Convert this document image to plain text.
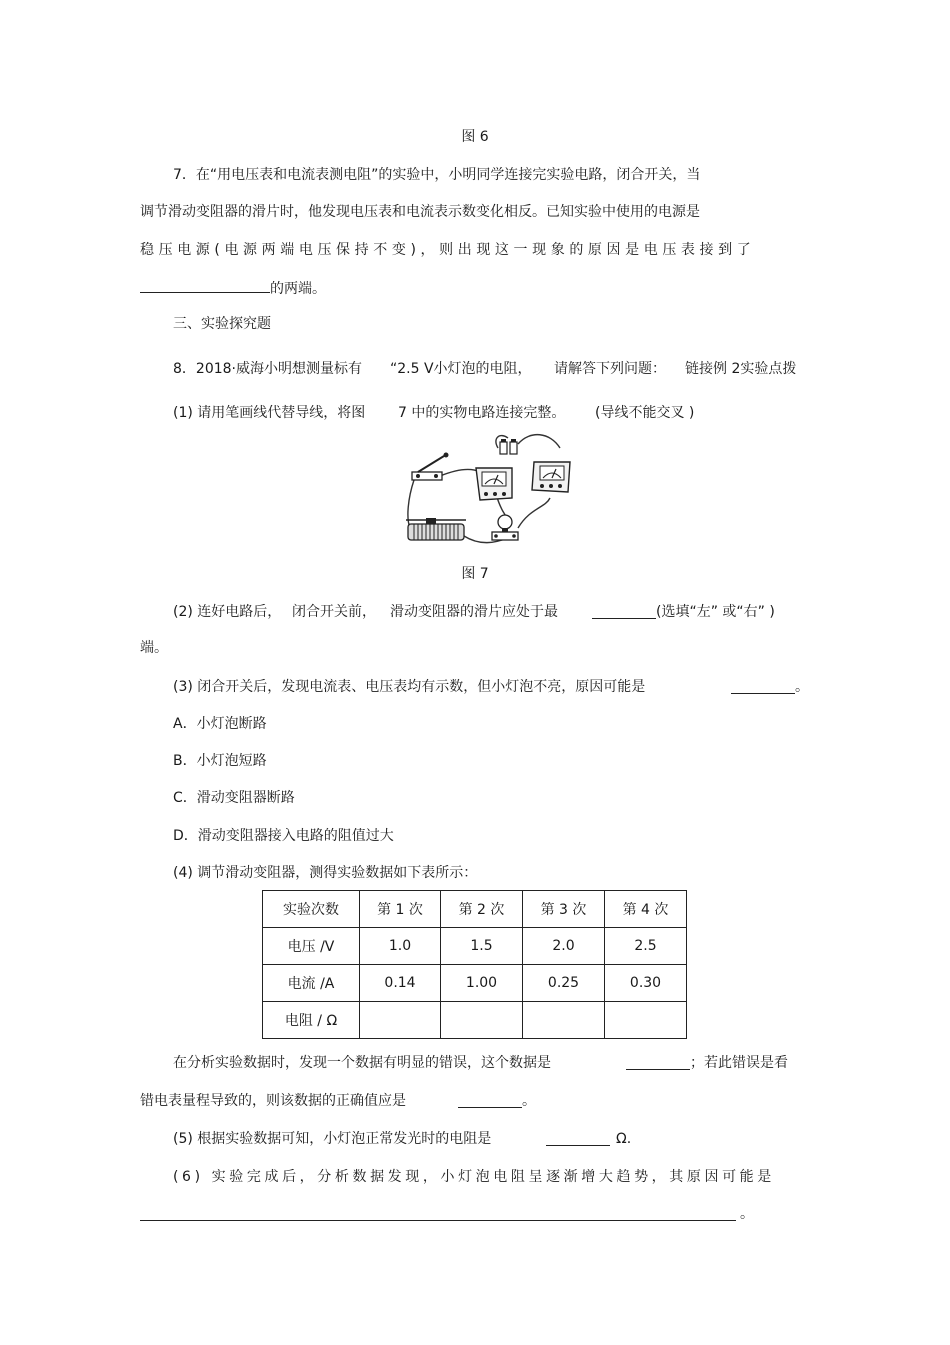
图 6
7．在“用电压表和电流表测电阻”的实验中，小明同学连接完实验电路，闭合开关，当
调节滑动变阻器的滑片时，他发现电压表和电流表示数变化相反。已知实验中使用的电源是
稳压电源(电源两端电压保持不变)，则出现这一现象的原因是电压表接到了
的两端。
三、实验探究题
8．2018·威海小明想测量标有 “2.5 V小灯泡的电阻， 请解答下列问题： 链接例 2实验点拨
(1) 请用笔画线代替导线，将图 7 中的实物电路连接完整。 (导线不能交叉 )
图 7
(2) 连好电路后， 闭合开关前， 滑动变阻器的滑片应处于最	(选填“左” 或“右” )
端。
(3) 闭合开关后，发现电流表、电压表均有示数，但小灯泡不亮，原因可能是	。
A．小灯泡断路
B．小灯泡短路
C．滑动变阻器断路
D．滑动变阻器接入电路的阻值过大
(4) 调节滑动变阻器，测得实验数据如下表所示：
实验次数	第 1 次	第 2 次	第 3 次	第 4 次
电压 /V	1.0	1.5	2.0	2.5
电流 /A	0.14	1.00	0.25	0.30
电阻 / Ω				
在分析实验数据时，发现一个数据有明显的错误，这个数据是	；若此错误是看
错电表量程导致的，则该数据的正确值应是	。
(5) 根据实验数据可知，小灯泡正常发光时的电阻是	Ω.
(6) 实验完成后，分析数据发现，小灯泡电阻呈逐渐增大趋势，其原因可能是
。
